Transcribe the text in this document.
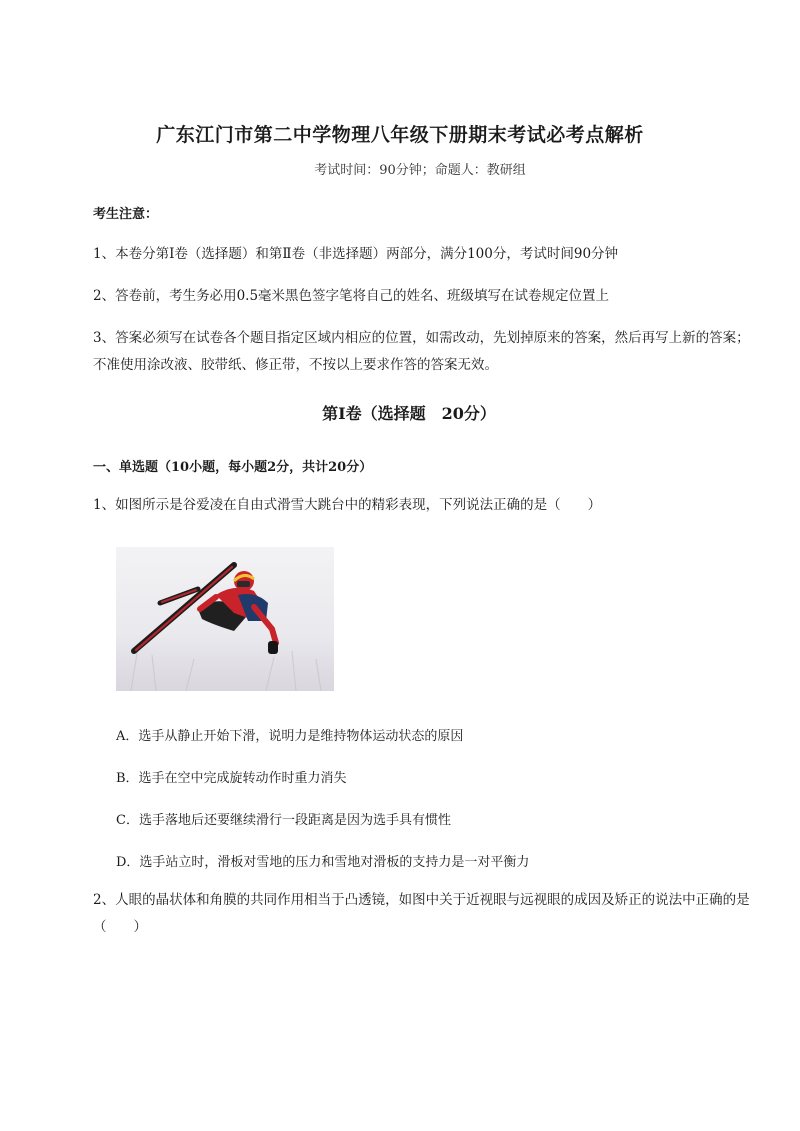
广东江门市第二中学物理八年级下册期末考试必考点解析
考试时间：90分钟；命题人：教研组
考生注意：

1、本卷分第I卷（选择题）和第Ⅱ卷（非选择题）两部分，满分100分，考试时间90分钟

2、答卷前，考生务必用0.5毫米黑色签字笔将自己的姓名、班级填写在试卷规定位置上

3、答案必须写在试卷各个题目指定区域内相应的位置，如需改动，先划掉原来的答案，然后再写上新的答案；不准使用涂改液、胶带纸、修正带，不按以上要求作答的答案无效。

第I卷（选择题　20分）
一、单选题（10小题，每小题2分，共计20分）

1、如图所示是谷爱凌在自由式滑雪大跳台中的精彩表现，下列说法正确的是（　　）

A．选手从静止开始下滑，说明力是维持物体运动状态的原因
B．选手在空中完成旋转动作时重力消失
C．选手落地后还要继续滑行一段距离是因为选手具有惯性
D．选手站立时，滑板对雪地的压力和雪地对滑板的支持力是一对平衡力

2、人眼的晶状体和角膜的共同作用相当于凸透镜，如图中关于近视眼与远视眼的成因及矫正的说法中正确的是（　　）
